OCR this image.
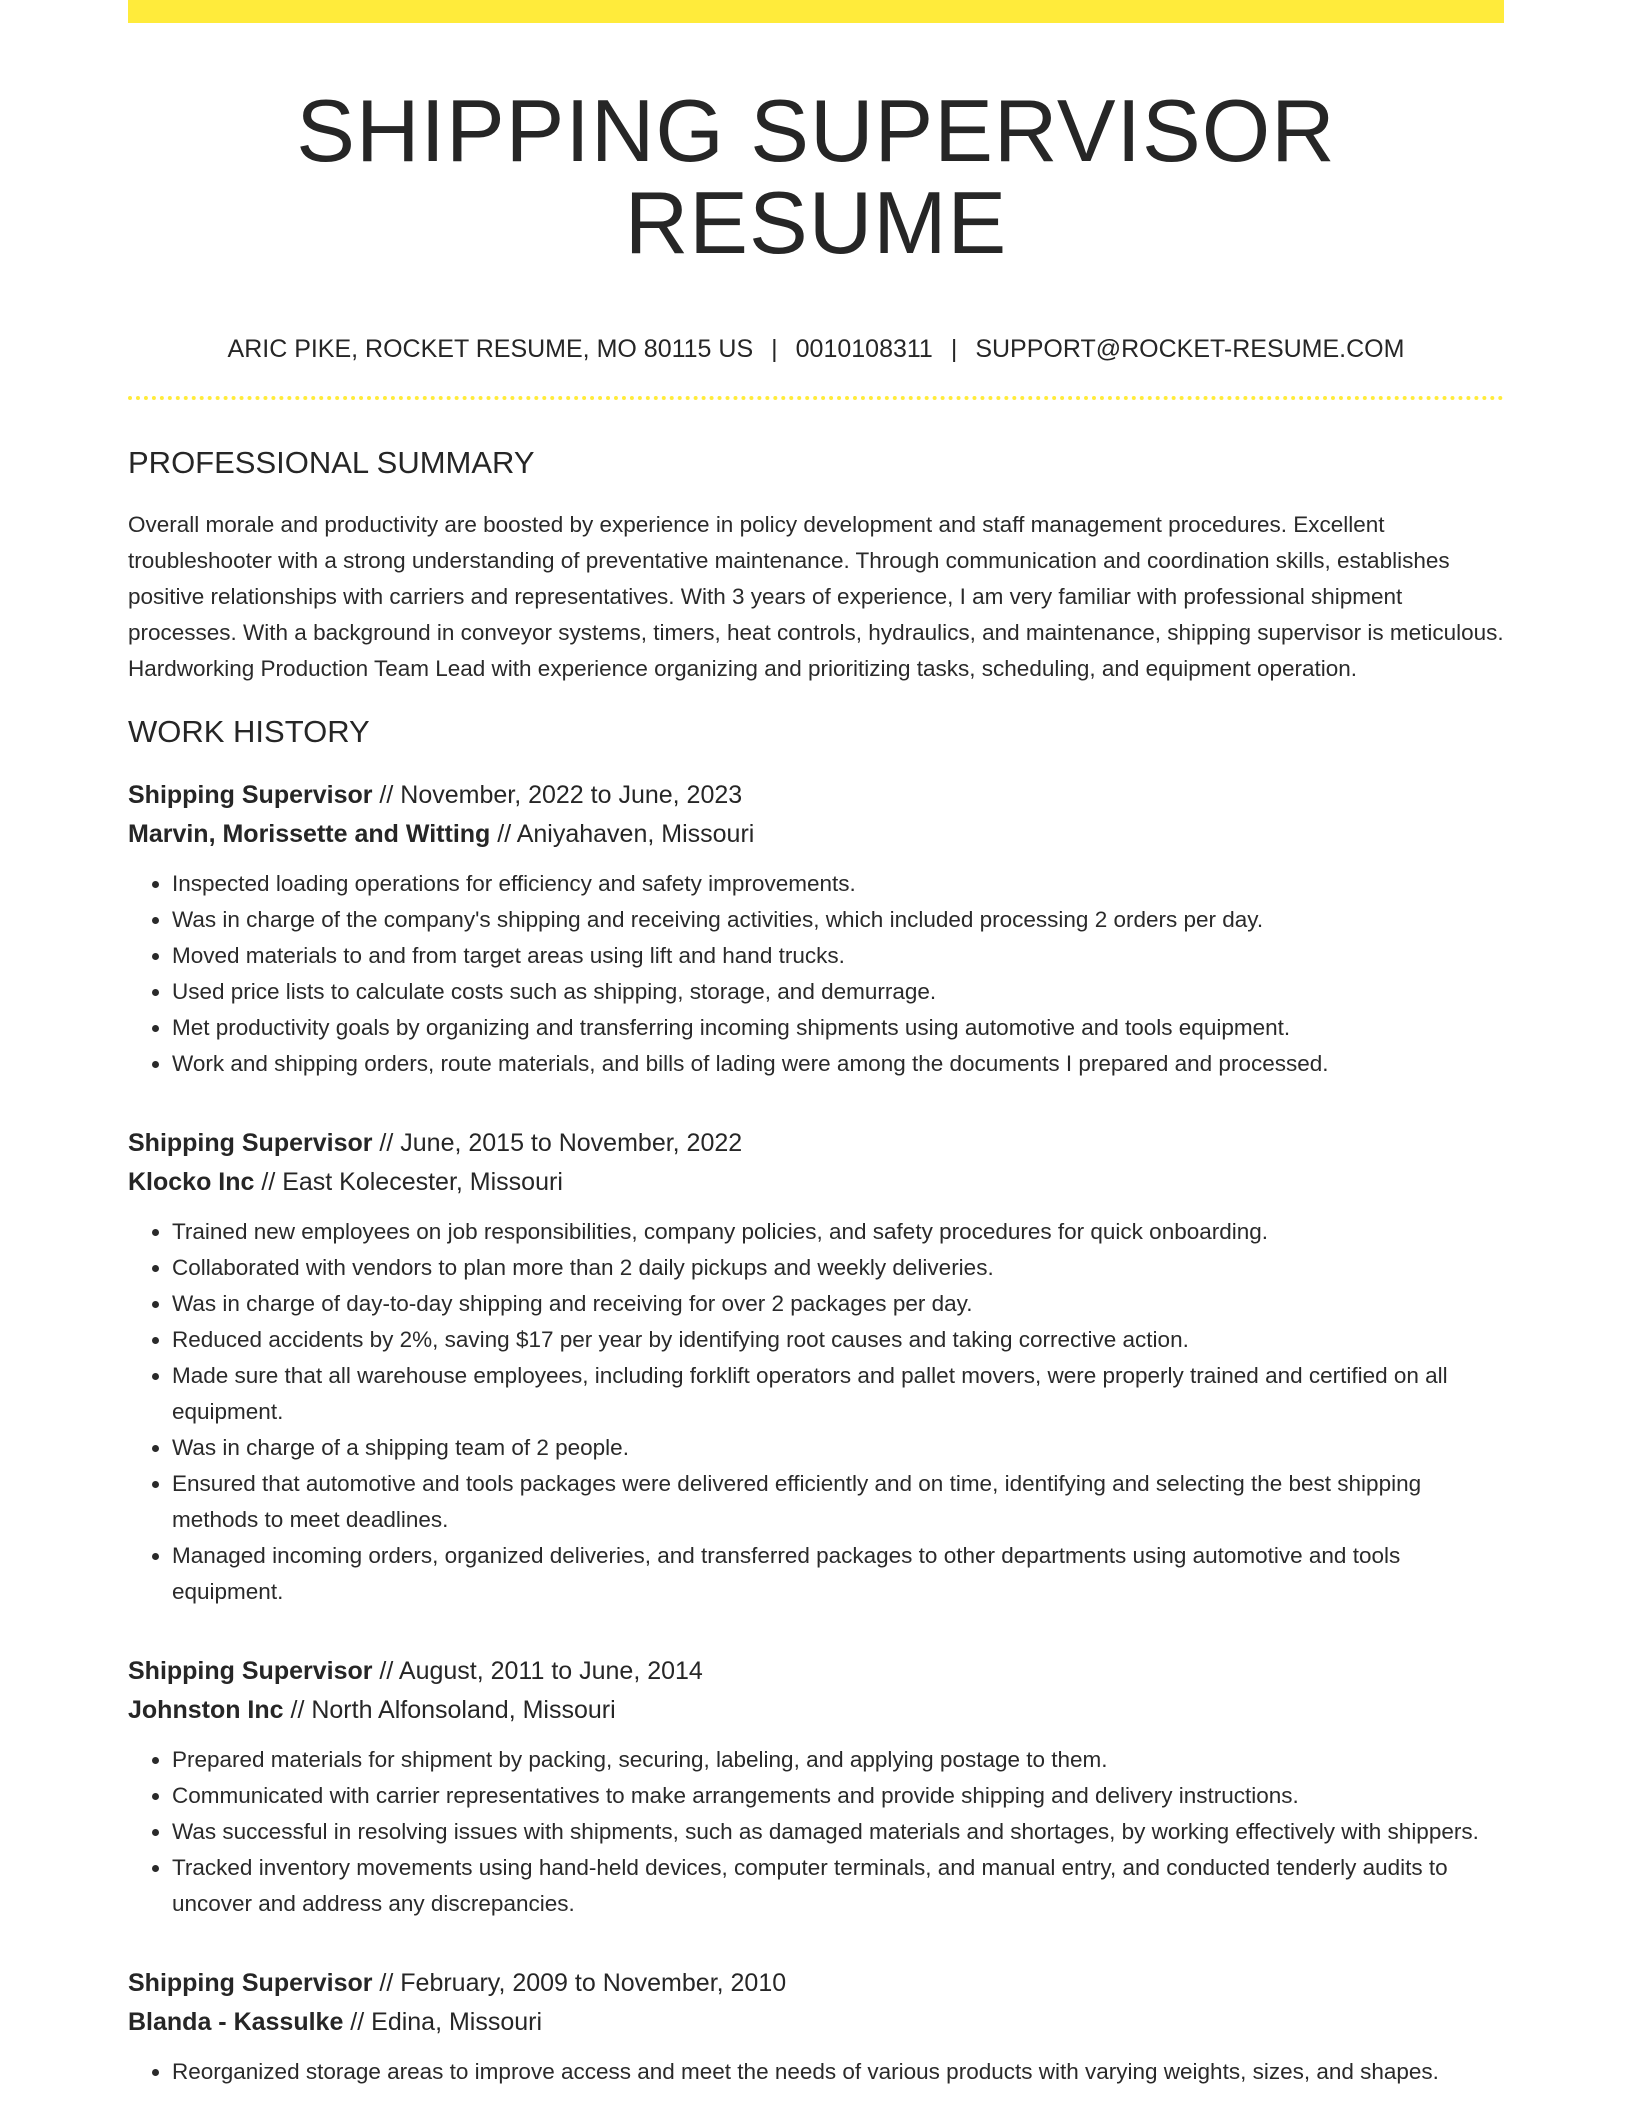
SHIPPING SUPERVISOR RESUME
ARIC PIKE, ROCKET RESUME, MO 80115 US | 0010108311 | SUPPORT@ROCKET-RESUME.COM
PROFESSIONAL SUMMARY

Overall morale and productivity are boosted by experience in policy development and staff management procedures. Excellent troubleshooter with a strong understanding of preventative maintenance. Through communication and coordination skills, establishes positive relationships with carriers and representatives. With 3 years of experience, I am very familiar with professional shipment processes. With a background in conveyor systems, timers, heat controls, hydraulics, and maintenance, shipping supervisor is meticulous. Hardworking Production Team Lead with experience organizing and prioritizing tasks, scheduling, and equipment operation.

WORK HISTORY
Shipping Supervisor // November, 2022 to June, 2023
Marvin, Morissette and Witting // Aniyahaven, Missouri
• Inspected loading operations for efficiency and safety improvements.
• Was in charge of the company's shipping and receiving activities, which included processing 2 orders per day.
• Moved materials to and from target areas using lift and hand trucks.
• Used price lists to calculate costs such as shipping, storage, and demurrage.
• Met productivity goals by organizing and transferring incoming shipments using automotive and tools equipment.
• Work and shipping orders, route materials, and bills of lading were among the documents I prepared and processed.
Shipping Supervisor // June, 2015 to November, 2022
Klocko Inc // East Kolecester, Missouri
• Trained new employees on job responsibilities, company policies, and safety procedures for quick onboarding.
• Collaborated with vendors to plan more than 2 daily pickups and weekly deliveries.
• Was in charge of day-to-day shipping and receiving for over 2 packages per day.
• Reduced accidents by 2%, saving $17 per year by identifying root causes and taking corrective action.
• Made sure that all warehouse employees, including forklift operators and pallet movers, were properly trained and certified on all equipment.
• Was in charge of a shipping team of 2 people.
• Ensured that automotive and tools packages were delivered efficiently and on time, identifying and selecting the best shipping methods to meet deadlines.
• Managed incoming orders, organized deliveries, and transferred packages to other departments using automotive and tools equipment.
Shipping Supervisor // August, 2011 to June, 2014
Johnston Inc // North Alfonsoland, Missouri
• Prepared materials for shipment by packing, securing, labeling, and applying postage to them.
• Communicated with carrier representatives to make arrangements and provide shipping and delivery instructions.
• Was successful in resolving issues with shipments, such as damaged materials and shortages, by working effectively with shippers.
• Tracked inventory movements using hand-held devices, computer terminals, and manual entry, and conducted tenderly audits to uncover and address any discrepancies.
Shipping Supervisor // February, 2009 to November, 2010
Blanda - Kassulke // Edina, Missouri
• Reorganized storage areas to improve access and meet the needs of various products with varying weights, sizes, and shapes.
